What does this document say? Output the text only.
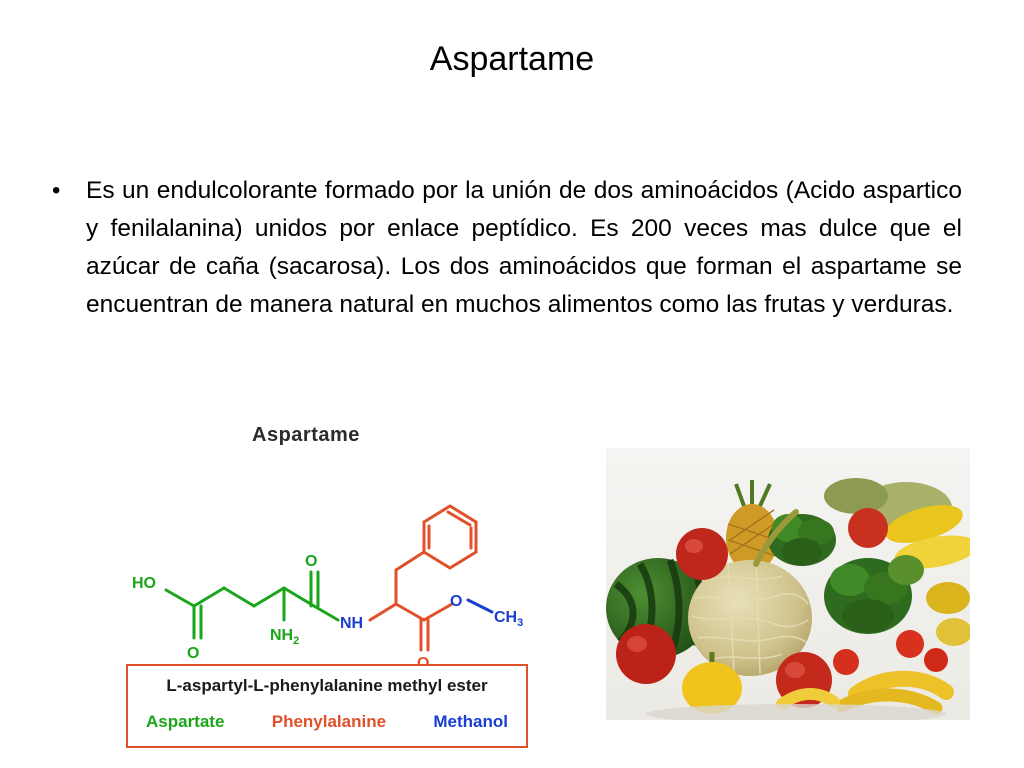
Aspartame
•	Es un endulcolorante formado por la unión de dos aminoácidos (Acido aspartico y fenilalanina) unidos por enlace peptídico. Es 200 veces mas dulce que el azúcar de caña (sacarosa). Los dos aminoácidos que forman el aspartame se encuentran de manera natural en muchos alimentos como las frutas y verduras.
Aspartame
HO
O
$NH_2$
O
NH
O
$CH_3$
L-aspartyl-L-phenylalanine methyl ester
Aspartate	Phenylalanine	Methanol
